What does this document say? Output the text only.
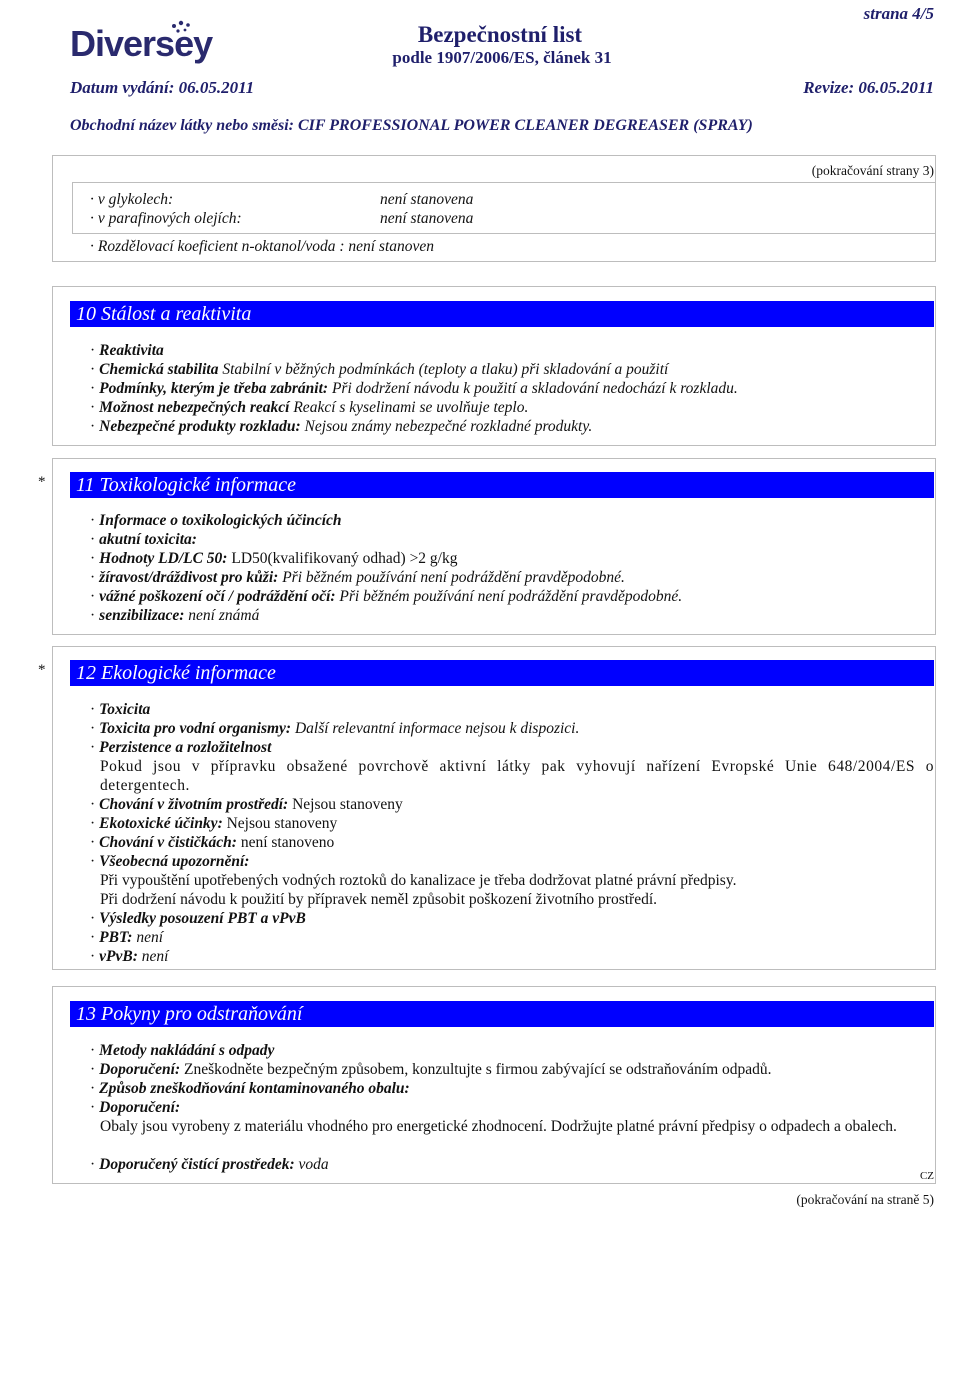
Diversey	Bezpečnostní list
podle 1907/2006/ES, článek 31
strana 4/5
Datum vydání: 06.05.2011	Revize: 06.05.2011
Obchodní název látky nebo směsi: CIF PROFESSIONAL POWER CLEANER DEGREASER (SPRAY)
(pokračování strany 3)
· v glykolech:	není stanovena
· v parafinových olejích:	není stanovena
· Rozdělovací koeficient n-oktanol/voda : není stanoven
10 Stálost a reaktivita
· Reaktivita
· Chemická stabilita Stabilní v běžných podmínkách (teploty a tlaku) při skladování a použití
· Podmínky, kterým je třeba zabránit: Při dodržení návodu k použití a skladování nedochází k rozkladu.
· Možnost nebezpečných reakcí Reakcí s kyselinami se uvolňuje teplo.
· Nebezpečné produkty rozkladu: Nejsou známy nebezpečné rozkladné produkty.
*	11 Toxikologické informace
· Informace o toxikologických účincích
· akutní toxicita:
· Hodnoty LD/LC 50: LD50(kvalifikovaný odhad) >2 g/kg
· žíravost/dráždivost pro kůži: Při běžném používání není podráždění pravděpodobné.
· vážné poškození očí / podráždění očí: Při běžném používání není podráždění pravděpodobné.
· senzibilizace: není známá
*	12 Ekologické informace
· Toxicita
· Toxicita pro vodní organismy: Další relevantní informace nejsou k dispozici.
· Perzistence a rozložitelnost
Pokud jsou v přípravku obsažené povrchově aktivní látky pak vyhovují nařízení Evropské Unie 648/2004/ES o detergentech.
· Chování v životním prostředí: Nejsou stanoveny
· Ekotoxické účinky: Nejsou stanoveny
· Chování v čističkách: není stanoveno
· Všeobecná upozornění:
Při vypouštění upotřebených vodných roztoků do kanalizace je třeba dodržovat platné právní předpisy.
Při dodržení návodu k použití by přípravek neměl způsobit poškození životního prostředí.
· Výsledky posouzení PBT a vPvB
· PBT: není
· vPvB: není
13 Pokyny pro odstraňování
· Metody nakládání s odpady
· Doporučení: Zneškodněte bezpečným způsobem, konzultujte s firmou zabývající se odstraňováním odpadů.
· Způsob zneškodňování kontaminovaného obalu:
· Doporučení:
Obaly jsou vyrobeny z materiálu vhodného pro energetické zhodnocení. Dodržujte platné právní předpisy o odpadech a obalech.
· Doporučený čistící prostředek: voda
CZ
(pokračování na straně 5)
